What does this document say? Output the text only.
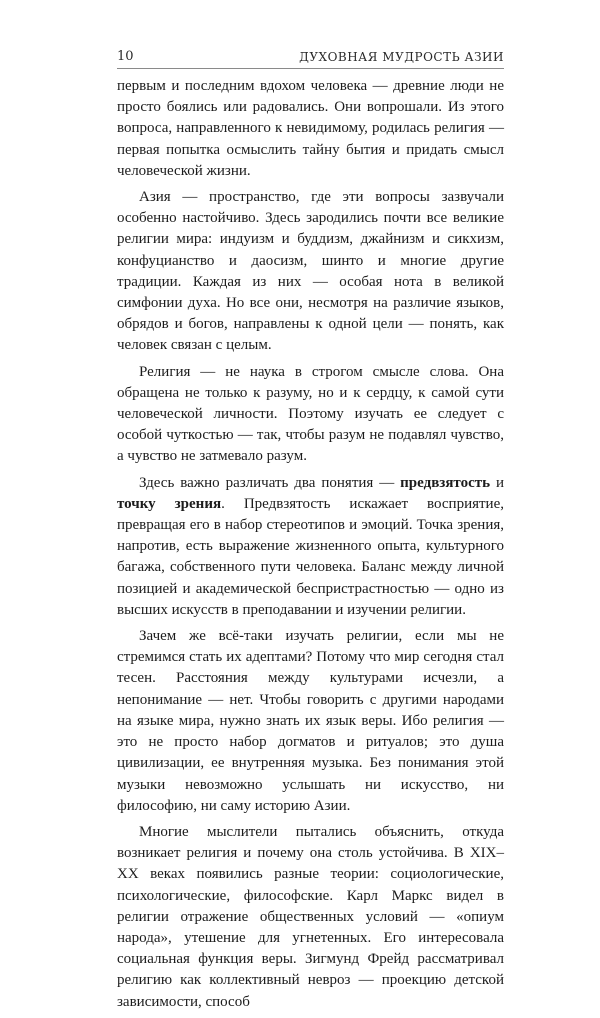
10	ДУХОВНАЯ МУДРОСТЬ АЗИИ

первым и последним вдохом человека — древние люди не просто боялись или радовались. Они вопрошали. Из этого вопроса, направленного к невидимому, родилась религия — первая попытка осмыслить тайну бытия и придать смысл человеческой жизни.

Азия — пространство, где эти вопросы зазвучали особенно настойчиво. Здесь зародились почти все великие религии мира: индуизм и буддизм, джайнизм и сикхизм, конфуцианство и даосизм, шинто и многие другие традиции. Каждая из них — особая нота в великой симфонии духа. Но все они, несмотря на различие языков, обрядов и богов, направлены к одной цели — понять, как человек связан с целым.

Религия — не наука в строгом смысле слова. Она обращена не только к разуму, но и к сердцу, к самой сути человеческой личности. Поэтому изучать ее следует с особой чуткостью — так, чтобы разум не подавлял чувство, а чувство не затмевало разум.

Здесь важно различать два понятия — предвзятость и точку зрения. Предвзятость искажает восприятие, превращая его в набор стереотипов и эмоций. Точка зрения, напротив, есть выражение жизненного опыта, культурного багажа, собственного пути человека. Баланс между личной позицией и академической беспристрастностью — одно из высших искусств в преподавании и изучении религии.

Зачем же всё-таки изучать религии, если мы не стремимся стать их адептами? Потому что мир сегодня стал тесен. Расстояния между культурами исчезли, а непонимание — нет. Чтобы говорить с другими народами на языке мира, нужно знать их язык веры. Ибо религия — это не просто набор догматов и ритуалов; это душа цивилизации, ее внутренняя музыка. Без понимания этой музыки невозможно услышать ни искусство, ни философию, ни саму историю Азии.

Многие мыслители пытались объяснить, откуда возникает религия и почему она столь устойчива. В XIX–XX веках появились разные теории: социологические, психологические, философские. Карл Маркс видел в религии отражение общественных условий — «опиум народа», утешение для угнетенных. Его интересовала социальная функция веры. Зигмунд Фрейд рассматривал религию как коллективный невроз — проекцию детской зависимости, способ
